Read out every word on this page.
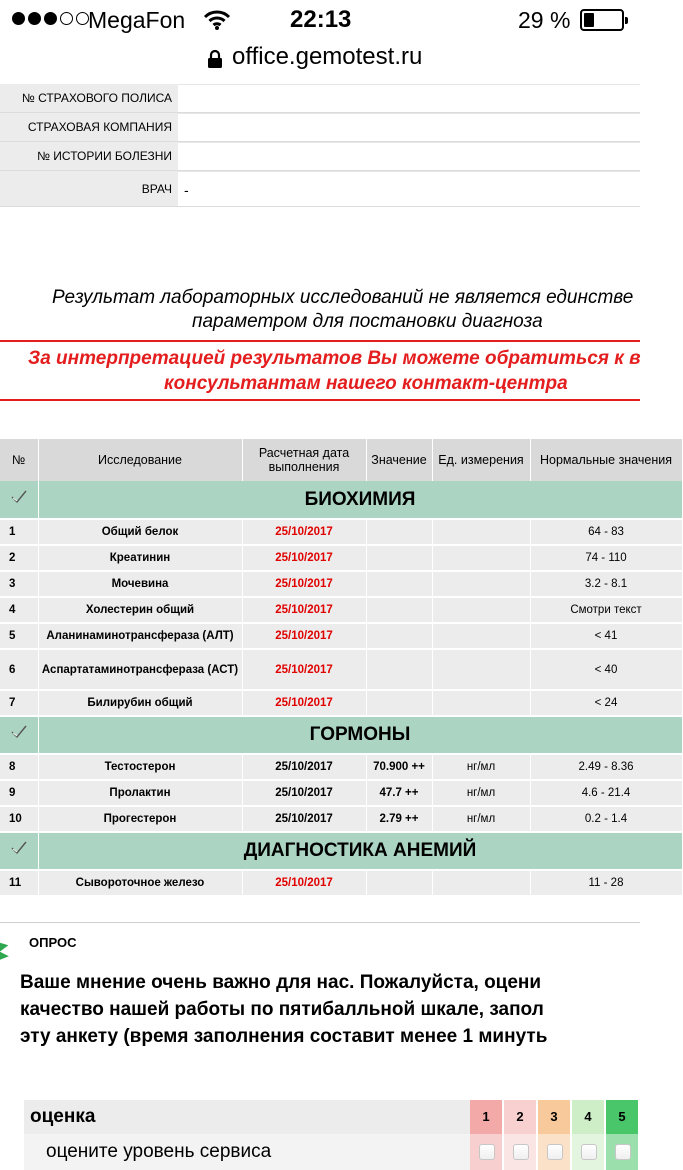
MegaFon	22:13	29 %
office.gemotest.ru
№ СТРАХОВОГО ПОЛИСА
СТРАХОВАЯ КОМПАНИЯ
№ ИСТОРИИ БОЛЕЗНИ
ВРАЧ -

Результат лабораторных исследований не является единстве

параметром для постановки диагноза

За интерпретацией результатов Вы можете обратиться к в

консультантам нашего контакт-центра

№	Исследование	Расчетная дата выполнения	Значение	Ед. измерения	Нормальные значения
	БИОХИМИЯ				
1	Общий белок	25/10/2017			64 - 83
2	Креатинин	25/10/2017			74 - 110
3	Мочевина	25/10/2017			3.2 - 8.1
4	Холестерин общий	25/10/2017			Смотри текст
5	Аланинаминотрансфераза (АЛТ)	25/10/2017			< 41
6	Аспартатаминотрансфераза (АСТ)	25/10/2017			< 40
7	Билирубин общий	25/10/2017			< 24
	ГОРМОНЫ				
8	Тестостерон	25/10/2017	70.900 ++	нг/мл	2.49 - 8.36
9	Пролактин	25/10/2017	47.7 ++	нг/мл	4.6 - 21.4
10	Прогестерон	25/10/2017	2.79 ++	нг/мл	0.2 - 1.4
	ДИАГНОСТИКА АНЕМИЙ				
11	Сывороточное железо	25/10/2017			11 - 28
ОПРОС

Ваше мнение очень важно для нас. Пожалуйста, оцени

качество нашей работы по пятибалльной шкале, запол

эту анкету (время заполнения составит менее 1 минуть

оценка	1	2	3	4	5
оцените уровень сервиса
